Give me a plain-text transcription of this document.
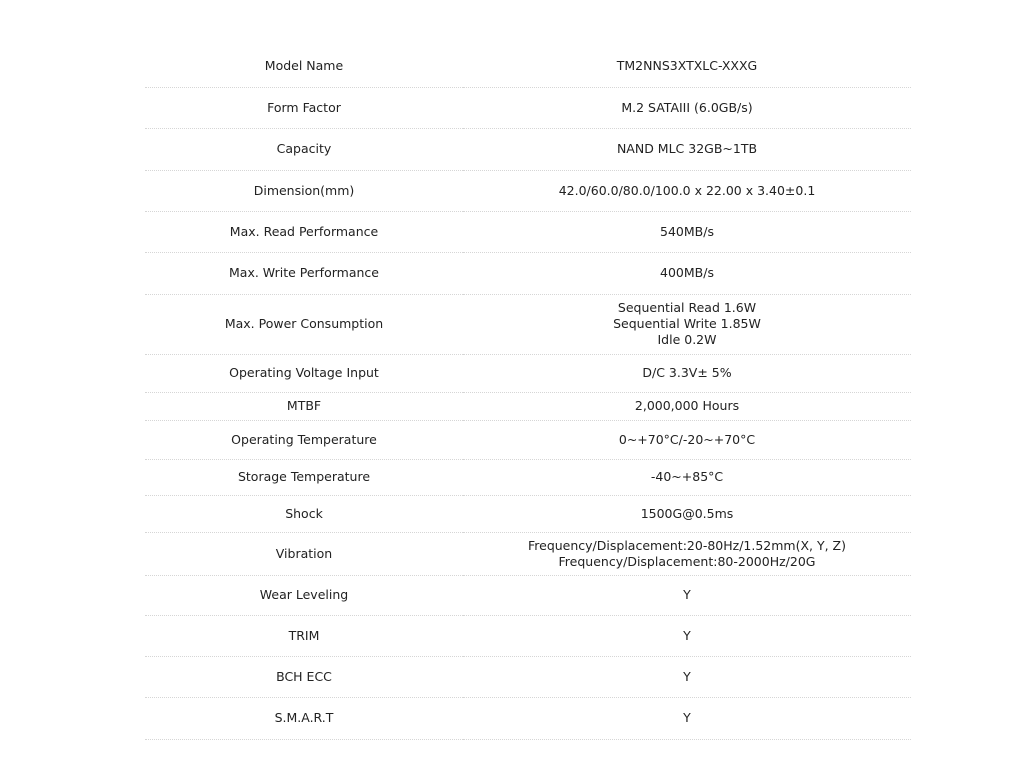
Model Name	TM2NNS3XTXLC-XXXG

Form Factor	M.2 SATAIII (6.0GB/s)

Capacity	NAND MLC 32GB~1TB

Dimension(mm)	42.0/60.0/80.0/100.0 x 22.00 x 3.40±0.1

Max. Read Performance	540MB/s

Max. Write Performance	400MB/s

Max. Power Consumption	Sequential Read 1.6W
Sequential Write 1.85W
Idle 0.2W

Operating Voltage Input	D/C 3.3V± 5%

MTBF	2,000,000 Hours

Operating Temperature	0~+70°C/-20~+70°C

Storage Temperature	-40~+85°C

Shock	1500G@0.5ms

Vibration	Frequency/Displacement:20-80Hz/1.52mm(X, Y, Z)
Frequency/Displacement:80-2000Hz/20G

Wear Leveling	Y

TRIM	Y

BCH ECC	Y

S.M.A.R.T	Y
